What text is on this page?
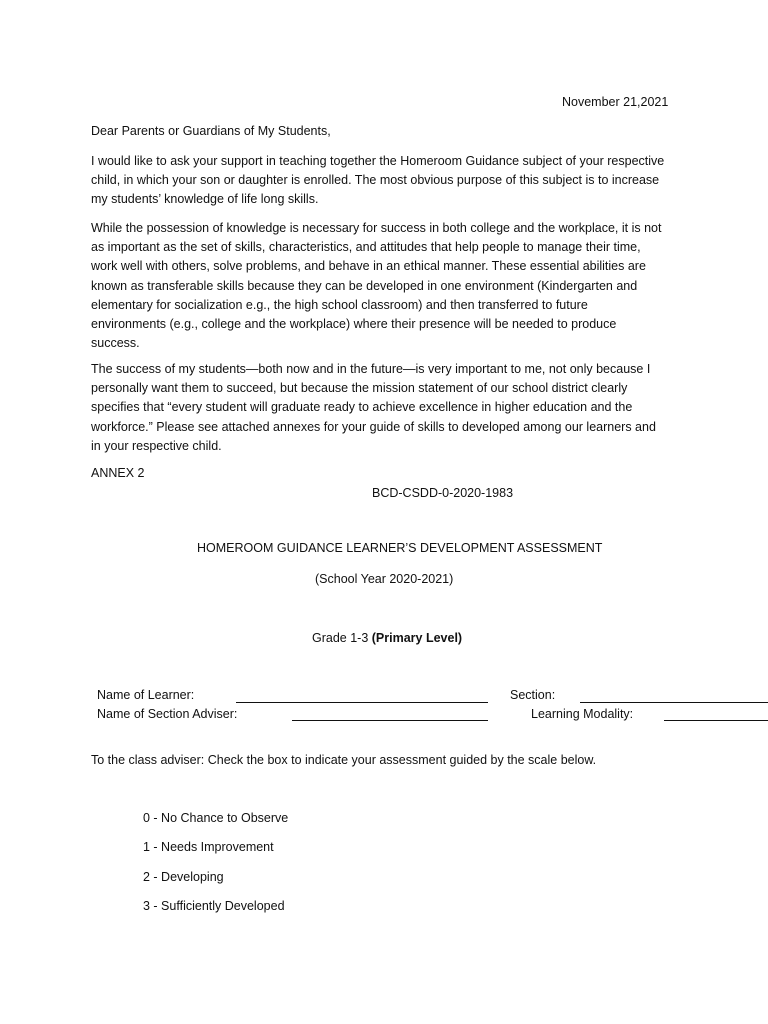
November 21,2021
Dear Parents or Guardians of My Students,

I would like to ask your support in teaching together the Homeroom Guidance subject of your respective
child, in which your son or daughter is enrolled. The most obvious purpose of this subject is to increase
my students’ knowledge of life long skills.

While the possession of knowledge is necessary for success in both college and the workplace, it is not
as important as the set of skills, characteristics, and attitudes that help people to manage their time,
work well with others, solve problems, and behave in an ethical manner. These essential abilities are
known as transferable skills because they can be developed in one environment (Kindergarten and
elementary for socialization e.g., the high school classroom) and then transferred to future
environments (e.g., college and the workplace) where their presence will be needed to produce
success.

The success of my students—both now and in the future—is very important to me, not only because I
personally want them to succeed, but because the mission statement of our school district clearly
specifies that “every student will graduate ready to achieve excellence in higher education and the
workforce.” Please see attached annexes for your guide of skills to developed among our learners and
in your respective child.

ANNEX 2
BCD-CSDD-0-2020-1983
HOMEROOM GUIDANCE LEARNER’S DEVELOPMENT ASSESSMENT
(School Year 2020-2021)
Grade 1-3 (Primary Level)
Name of Learner:
Name of Section Adviser:
Section:
Learning Modality:
To the class adviser: Check the box to indicate your assessment guided by the scale below.
0 - No Chance to Observe
1 - Needs Improvement
2 - Developing
3 - Sufficiently Developed
